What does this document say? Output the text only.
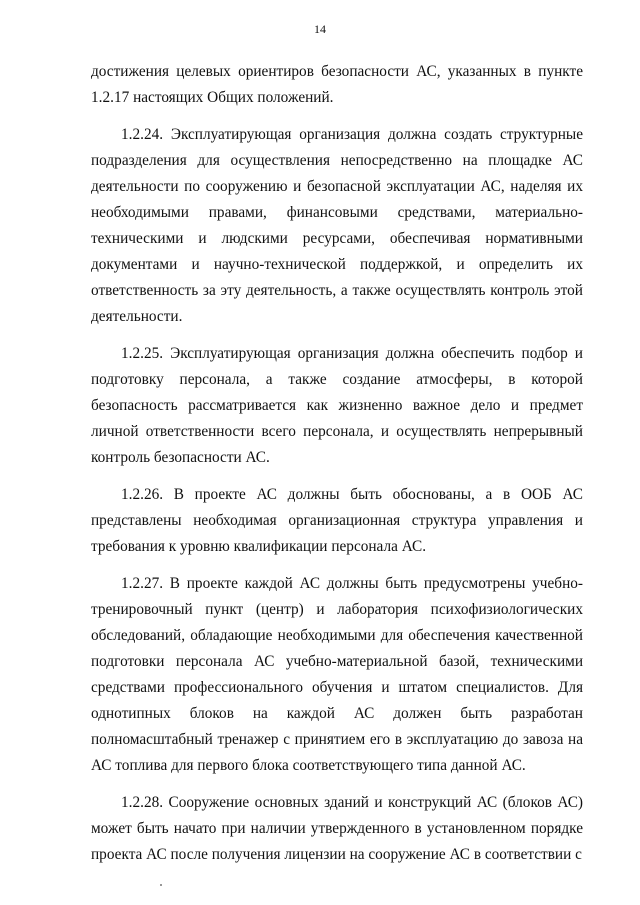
14

достижения целевых ориентиров безопасности АС, указанных в пункте 1.2.17 настоящих Общих положений.

1.2.24. Эксплуатирующая организация должна создать структурные подразделения для осуществления непосредственно на площадке АС деятельности по сооружению и безопасной эксплуатации АС, наделяя их необходимыми правами, финансовыми средствами, материально-техническими и людскими ресурсами, обеспечивая нормативными документами и научно-технической поддержкой, и определить их ответственность за эту деятельность, а также осуществлять контроль этой деятельности.

1.2.25. Эксплуатирующая организация должна обеспечить подбор и подготовку персонала, а также создание атмосферы, в которой безопасность рассматривается как жизненно важное дело и предмет личной ответственности всего персонала, и осуществлять непрерывный контроль безопасности АС.

1.2.26. В проекте АС должны быть обоснованы, а в ООБ АС представлены необходимая организационная структура управления и требования к уровню квалификации персонала АС.

1.2.27. В проекте каждой АС должны быть предусмотрены учебно-тренировочный пункт (центр) и лаборатория психофизиологических обследований, обладающие необходимыми для обеспечения качественной подготовки персонала АС учебно-материальной базой, техническими средствами профессионального обучения и штатом специалистов. Для однотипных блоков на каждой АС должен быть разработан полномасштабный тренажер с принятием его в эксплуатацию до завоза на АС топлива для первого блока соответствующего типа данной АС.

1.2.28. Сооружение основных зданий и конструкций АС (блоков АС) может быть начато при наличии утвержденного в установленном порядке проекта АС после получения лицензии на сооружение АС в соответствии с
